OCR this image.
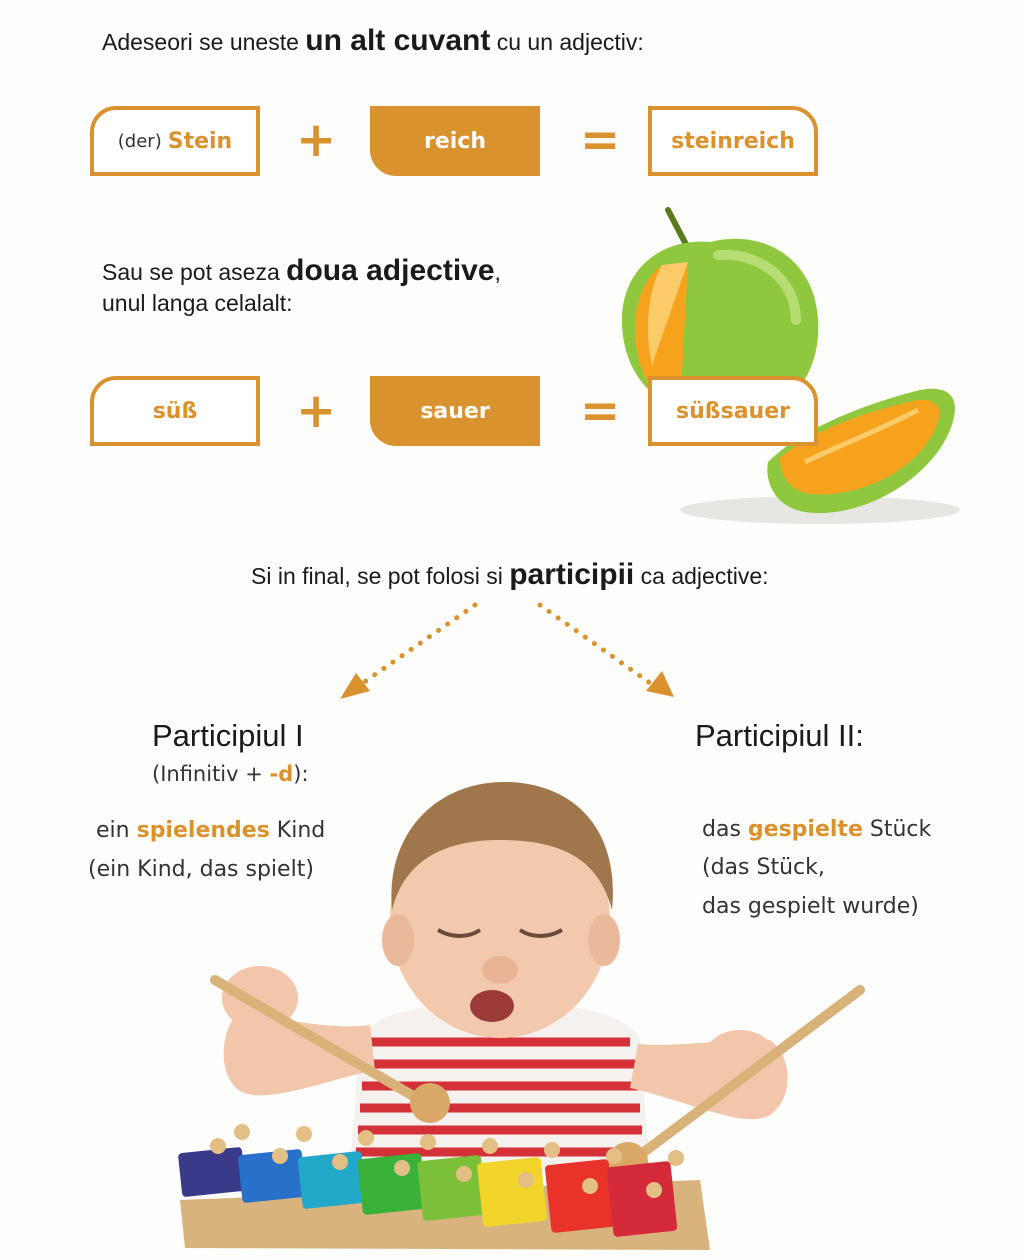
Adeseori se uneste un alt cuvant cu un adjectiv:
(der) Stein +	reich	=	steinreich
Sau se pot aseza doua adjective,
unul langa celalalt:
süß	+	sauer	=	süßsauer
Si in final, se pot folosi si participii ca adjective:
Participiul I
(Infinitiv + -d):
ein spielendes Kind
(ein Kind, das spielt)
Participiul II:
das gespielte Stück
(das Stück,
das gespielt wurde)
